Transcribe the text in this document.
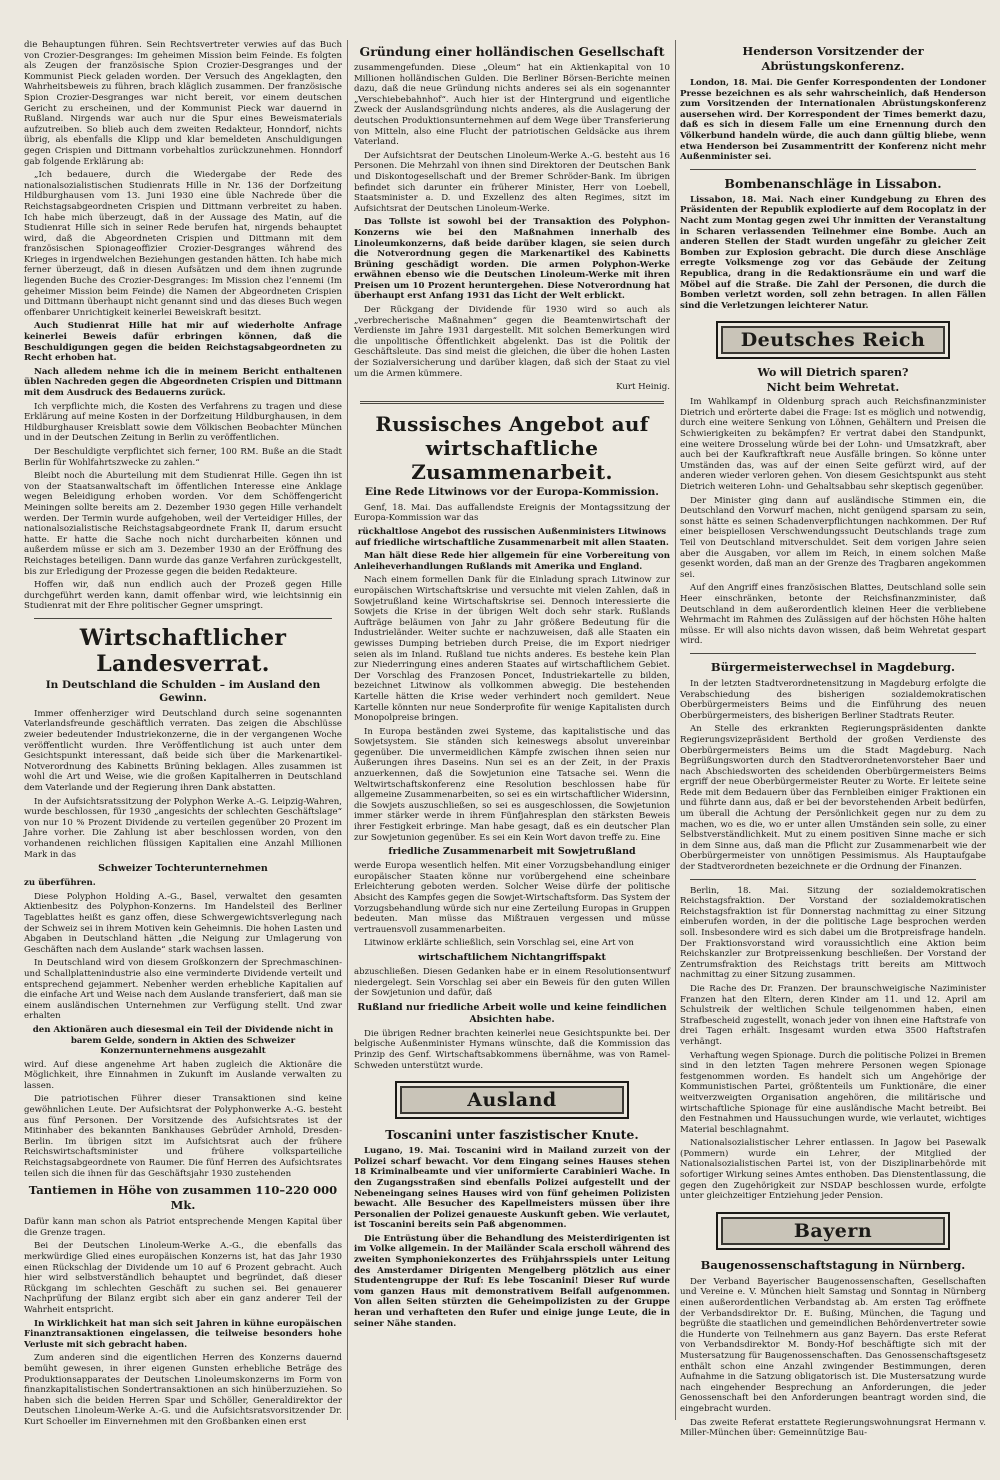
die Behauptungen führen. Sein Rechtsvertreter verwies auf das Buch von Crozier-Desgranges: Im geheimen Mission beim Feinde. Es folgten als Zeugen der französische Spion Crozier-Desgranges und der Kommunist Pieck geladen worden. Der Versuch des Angeklagten, den Wahrheitsbeweis zu führen, brach kläglich zusammen. Der französische Spion Crozier-Desgranges war nicht bereit, vor einem deutschen Gericht zu erscheinen, und der Kommunist Pieck war dauernd in Rußland. Nirgends war auch nur die Spur eines Beweismaterials aufzutreiben. So blieb auch dem zweiten Redakteur, Honndorf, nichts übrig, als ebenfalls die Klipp und klar bemeldeten Anschuldigungen gegen Crispien und Dittmann vorbehaltlos zurückzunehmen. Honndorf gab folgende Erklärung ab:

„Ich bedauere, durch die Wiedergabe der Rede des nationalsozialistischen Studienrats Hille in Nr. 136 der Dorfzeitung Hildburghausen vom 13. Juni 1930 eine üble Nachrede über die Reichstagsabgeordneten Crispien und Dittmann verbreitet zu haben. Ich habe mich überzeugt, daß in der Aussage des Matin, auf die Studienrat Hille sich in seiner Rede berufen hat, nirgends behauptet wird, daß die Abgeordneten Crispien und Dittmann mit dem französischen Spionageoffizier Crozier-Desgranges während des Krieges in irgendwelchen Beziehungen gestanden hätten. Ich habe mich ferner überzeugt, daß in diesen Aufsätzen und dem ihnen zugrunde liegenden Buche des Crozier-Desgranges: Im Mission chez l’ennemi (Im geheimer Mission beim Feinde) die Namen der Abgeordneten Crispien und Dittmann überhaupt nicht genannt sind und das dieses Buch wegen offenbarer Unrichtigkeit keinerlei Beweiskraft besitzt.

Auch Studienrat Hille hat mir auf wiederholte Anfrage keinerlei Beweis dafür erbringen können, daß die Beschuldigungen gegen die beiden Reichstagsabgeordneten zu Recht erhoben hat.

Nach alledem nehme ich die in meinem Bericht enthaltenen üblen Nachreden gegen die Abgeordneten Crispien und Dittmann mit dem Ausdruck des Bedauerns zurück.

Ich verpflichte mich, die Kosten des Verfahrens zu tragen und diese Erklärung auf meine Kosten in der Dorfzeitung Hildburghausen, in dem Hildburghauser Kreisblatt sowie dem Völkischen Beobachter München und in der Deutschen Zeitung in Berlin zu veröffentlichen.

Der Beschuldigte verpflichtet sich ferner, 100 RM. Buße an die Stadt Berlin für Wohlfahrtszwecke zu zahlen.“

Bleibt noch die Aburteilung mit dem Studienrat Hille. Gegen ihn ist von der Staatsanwaltschaft im öffentlichen Interesse eine Anklage wegen Beleidigung erhoben worden. Vor dem Schöffengericht Meiningen sollte bereits am 2. Dezember 1930 gegen Hille verhandelt werden. Der Termin wurde aufgehoben, weil der Verteidiger Hilles, der nationalsozialistische Reichstagsabgeordnete Frank II, darum ersucht hatte. Er hatte die Sache noch nicht durcharbeiten können und außerdem müsse er sich am 3. Dezember 1930 an der Eröffnung des Reichstages beteiligen. Dann wurde das ganze Verfahren zurückgestellt, bis zur Erledigung der Prozesse gegen die beiden Redakteure.

Hoffen wir, daß nun endlich auch der Prozeß gegen Hille durchgeführt werden kann, damit offenbar wird, wie leichtsinnig ein Studienrat mit der Ehre politischer Gegner umspringt.

Wirtschaftlicher Landesverrat.
In Deutschland die Schulden – im Ausland den Gewinn.

Immer offenherziger wird Deutschland durch seine sogenannten Vaterlandsfreunde geschäftlich verraten. Das zeigen die Abschlüsse zweier bedeutender Industriekonzerne, die in der vergangenen Woche veröffentlicht wurden. Ihre Veröffentlichung ist auch unter dem Gesichtspunkt interessant, daß beide sich über die Markenartikel-Notverordnung des Kabinetts Brüning beklagen. Alles zusammen ist wohl die Art und Weise, wie die großen Kapitalherren in Deutschland dem Vaterlande und der Regierung ihren Dank abstatten.

In der Aufsichtsratssitzung der Polyphon Werke A.-G. Leipzig-Wahren, wurde beschlossen, für 1930 „angesichts der schlechten Geschäftslage“ von nur 10 % Prozent Dividende zu verteilen gegenüber 20 Prozent im Jahre vorher. Die Zahlung ist aber beschlossen worden, von den vorhandenen reichlichen flüssigen Kapitalien eine Anzahl Millionen Mark in das

Schweizer Tochterunternehmen

zu überführen.

Diese Polyphon Holding A.-G., Basel, verwaltet den gesamten Aktienbesitz des Polyphon-Konzerns. Im Handelsteil des Berliner Tageblattes heißt es ganz offen, diese Schwergewichtsverlegung nach der Schweiz sei in ihrem Motiven kein Geheimnis. Die hohen Lasten und Abgaben in Deutschland hätten „die Neigung zur Umlagerung von Geschäften nach dem Auslande“ stark wachsen lassen.

In Deutschland wird von diesem Großkonzern der Sprechmaschinen- und Schallplattenindustrie also eine verminderte Dividende verteilt und entsprechend gejammert. Nebenher werden erhebliche Kapitalien auf die einfache Art und Weise nach dem Auslande transferiert, daß man sie einem ausländischen Unternehmen zur Verfügung stellt. Und zwar erhalten

den Aktionären auch diesesmal ein Teil der Dividende nicht in barem Gelde, sondern in Aktien des Schweizer Konzernunternehmens ausgezahlt

wird. Auf diese angenehme Art haben zugleich die Aktionäre die Möglichkeit, ihre Einnahmen in Zukunft im Auslande verwalten zu lassen.

Die patriotischen Führer dieser Transaktionen sind keine gewöhnlichen Leute. Der Aufsichtsrat der Polyphonwerke A.-G. besteht aus fünf Personen. Der Vorsitzende des Aufsichtsrates ist der Mitinhaber des bekannten Bankhauses Gebrüder Arnhold, Dresden-Berlin. Im übrigen sitzt im Aufsichtsrat auch der frühere Reichswirtschaftsminister und frühere volksparteiliche Reichstagsabgeordnete von Raumer. Die fünf Herren des Aufsichtsrates teilen sich die ihnen für das Geschäftsjahr 1930 zustehenden

Tantiemen in Höhe von zusammen 110–220 000 Mk.

Dafür kann man schon als Patriot entsprechende Mengen Kapital über die Grenze tragen.

Bei der Deutschen Linoleum-Werke A.-G., die ebenfalls das merkwürdige Glied eines europäischen Konzerns ist, hat das Jahr 1930 einen Rückschlag der Dividende um 10 auf 6 Prozent gebracht. Auch hier wird selbstverständlich behauptet und begründet, daß dieser Rückgang im schlechten Geschäft zu suchen sei. Bei genauerer Nachprüfung der Bilanz ergibt sich aber ein ganz anderer Teil der Wahrheit entspricht.

In Wirklichkeit hat man sich seit Jahren in kühne europäischen Finanztransaktionen eingelassen, die teilweise besonders hohe Verluste mit sich gebracht haben.

Zum anderen sind die eigentlichen Herren des Konzerns dauernd bemüht gewesen, in ihrer eigenen Gunsten erhebliche Beträge des Produktionsapparates der Deutschen Linoleumskonzerns im Form von finanzkapitalistischen Sondertransaktionen an sich hinüberzuziehen. So haben sich die beiden Herren Spar und Schöller, Generaldirektor der Deutschen Linoleum-Werke A.-G. und die Aufsichtsratsvorsitzender Dr. Kurt Schoeller im Einvernehmen mit den Großbanken einen erst

Gründung einer holländischen Gesellschaft

zusammengefunden. Diese „Oleum“ hat ein Aktienkapital von 10 Millionen holländischen Gulden. Die Berliner Börsen-Berichte meinen dazu, daß die neue Gründung nichts anderes sei als ein sogenannter „Verschiebebahnhof“. Auch hier ist der Hintergrund und eigentliche Zweck der Auslandsgründung nichts anderes, als die Auslagerung der deutschen Produktionsunternehmen auf dem Wege über Transferierung von Mitteln, also eine Flucht der patriotischen Geldsäcke aus ihrem Vaterland.

Der Aufsichtsrat der Deutschen Linoleum-Werke A.-G. besteht aus 16 Personen. Die Mehrzahl von ihnen sind Direktoren der Deutschen Bank und Diskontogesellschaft und der Bremer Schröder-Bank. Im übrigen befindet sich darunter ein früherer Minister, Herr von Loebell, Staatsminister a. D. und Exzellenz des alten Regimes, sitzt im Aufsichtsrat der Deutschen Linoleum-Werke.

Das Tollste ist sowohl bei der Transaktion des Polyphon-Konzerns wie bei den Maßnahmen innerhalb des Linoleumkonzerns, daß beide darüber klagen, sie seien durch die Notverordnung gegen die Markenartikel des Kabinetts Brüning geschädigt worden. Die armen Polyphon-Werke erwähnen ebenso wie die Deutschen Linoleum-Werke mit ihren Preisen um 10 Prozent heruntergehen. Diese Notverordnung hat überhaupt erst Anfang 1931 das Licht der Welt erblickt.

Der Rückgang der Dividende für 1930 wird so auch als „verbrecherische Maßnahmen“ gegen die Beamtenwirtschaft der Verdienste im Jahre 1931 dargestellt. Mit solchen Bemerkungen wird die unpolitische Öffentlichkeit abgelenkt. Das ist die Politik der Geschäftsleute. Das sind meist die gleichen, die über die hohen Lasten der Sozialversicherung und darüber klagen, daß sich der Staat zu viel um die Armen kümmere.

Kurt Heinig.

Russisches Angebot auf wirtschaftliche Zusammenarbeit.
Eine Rede Litwinows vor der Europa-Kommission.

Genf, 18. Mai. Das auffallendste Ereignis der Montagssitzung der Europa-Kommission war das

rückhaltlose Angebot des russischen Außenministers Litwinows auf friedliche wirtschaftliche Zusammenarbeit mit allen Staaten.

Man hält diese Rede hier allgemein für eine Vorbereitung von Anleiheverhandlungen Rußlands mit Amerika und England.

Nach einem formellen Dank für die Einladung sprach Litwinow zur europäischen Wirtschaftskrise und versuchte mit vielen Zahlen, daß in Sowjetrußland keine Wirtschaftskrise sei. Dennoch interessierte die Sowjets die Krise in der übrigen Welt doch sehr stark. Rußlands Aufträge beläumen von Jahr zu Jahr größere Bedeutung für die Industrieländer. Weiter suchte er nachzuweisen, daß alle Staaten ein gewisses Dumping betrieben durch Preise, die im Export niedriger seien als im Inland. Rußland tue nichts anderes. Es bestehe kein Plan zur Niederringung eines anderen Staates auf wirtschaftlichem Gebiet. Der Vorschlag des Franzosen Poncet, Industriekartelle zu bilden, bezeichnet Litwinow als vollkommen abwegig. Die bestehenden Kartelle hätten die Krise weder verhindert noch gemildert. Neue Kartelle könnten nur neue Sonderprofite für wenige Kapitalisten durch Monopolpreise bringen.

In Europa beständen zwei Systeme, das kapitalistische und das Sowjetsystem. Sie ständen sich keineswegs absolut unvereinbar gegenüber. Die unvermeidlichen Kämpfe zwischen ihnen seien nur Äußerungen ihres Daseins. Nun sei es an der Zeit, in der Praxis anzuerkennen, daß die Sowjetunion eine Tatsache sei. Wenn die Weltwirtschaftskonferenz eine Resolution beschlossen habe für allgemeine Zusammenarbeiten, so sei es ein wirtschaftlicher Widersinn, die Sowjets auszuschließen, so sei es ausgeschlossen, die Sowjetunion immer stärker werde in ihrem Fünfjahresplan den stärksten Beweis ihrer Festigkeit erbringe. Man habe gesagt, daß es ein deutscher Plan zur Sowjetunion gegenüber. Es sei ein Kein Wort davon treffe zu. Eine

friedliche Zusammenarbeit mit Sowjetrußland

werde Europa wesentlich helfen. Mit einer Vorzugsbehandlung einiger europäischer Staaten könne nur vorübergehend eine scheinbare Erleichterung geboten werden. Solcher Weise dürfe der politische Absicht des Kampfes gegen die Sowjet-Wirtschaftsform. Das System der Vorzugsbehandlung würde sich nur eine Zerteilung Europas in Gruppen bedeuten. Man müsse das Mißtrauen vergessen und müsse vertrauensvoll zusammenarbeiten.

Litwinow erklärte schließlich, sein Vorschlag sei, eine Art von

wirtschaftlichem Nichtangriffspakt

abzuschließen. Diesen Gedanken habe er in einem Resolutionsentwurf niedergelegt. Sein Vorschlag sei aber ein Beweis für den guten Willen der Sowjetunion und dafür, daß

Rußland nur friedliche Arbeit wolle und keine feindlichen Absichten habe.

Die übrigen Redner brachten keinerlei neue Gesichtspunkte bei. Der belgische Außenminister Hymans wünschte, daß die Kommission das Prinzip des Genf. Wirtschaftsabkommens übernähme, was von Ramel-Schweden unterstützt wurde.

Ausland
Toscanini unter faszistischer Knute.

Lugano, 19. Mai. Toscanini wird in Mailand zurzeit von der Polizei scharf bewacht. Vor dem Eingang seines Hauses stehen 18 Kriminalbeamte und vier uniformierte Carabinieri Wache. In den Zugangsstraßen sind ebenfalls Polizei aufgestellt und der Nebeneingang seines Hauses wird von fünf geheimen Polizisten bewacht. Alle Besucher des Kapellmeisters müssen über ihre Personalien der Polizei genaueste Auskunft geben. Wie verlautet, ist Toscanini bereits sein Paß abgenommen.

Die Entrüstung über die Behandlung des Meisterdirigenten ist im Volke allgemein. In der Mailänder Scala erscholl während des zweiten Symphoniekonzertes des Frühjahrsspiels unter Leitung des Amsterdamer Dirigenten Mengelberg plötzlich aus einer Studentengruppe der Ruf: Es lebe Toscanini! Dieser Ruf wurde vom ganzen Haus mit demonstrativem Beifall aufgenommen. Von allen Seiten stürzten die Geheimpolizisten zu der Gruppe heran und verhafteten den Rufer und einige junge Leute, die in seiner Nähe standen.

Henderson Vorsitzender der Abrüstungskonferenz.

London, 18. Mai. Die Genfer Korrespondenten der Londoner Presse bezeichnen es als sehr wahrscheinlich, daß Henderson zum Vorsitzenden der Internationalen Abrüstungskonferenz ausersehen wird. Der Korrespondent der Times bemerkt dazu, daß es sich in diesem Falle um eine Ernennung durch den Völkerbund handeln würde, die auch dann gültig bliebe, wenn etwa Henderson bei Zusammentritt der Konferenz nicht mehr Außenminister sei.

Bombenanschläge in Lissabon.

Lissabon, 18. Mai. Nach einer Kundgebung zu Ehren des Präsidenten der Republik explodierte auf dem Rocoplatz in der Nacht zum Montag gegen zwei Uhr inmitten der Veranstaltung in Scharen verlassenden Teilnehmer eine Bombe. Auch an anderen Stellen der Stadt wurden ungefähr zu gleicher Zeit Bomben zur Explosion gebracht. Die durch diese Anschläge erregte Volksmenge zog vor das Gebäude der Zeitung Republica, drang in die Redaktionsräume ein und warf die Möbel auf die Straße. Die Zahl der Personen, die durch die Bomben verletzt worden, soll zehn betragen. In allen Fällen sind die Verletzungen leichterer Natur.

Deutsches Reich
Wo will Dietrich sparen?
Nicht beim Wehretat.

Im Wahlkampf in Oldenburg sprach auch Reichsfinanzminister Dietrich und erörterte dabei die Frage: Ist es möglich und notwendig, durch eine weitere Senkung von Löhnen, Gehältern und Preisen die Schwierigkeiten zu bekämpfen? Er vertrat dabei den Standpunkt, eine weitere Drosselung würde bei der Lohn- und Umsatzkraft, aber auch bei der Kaufkraftkraft neue Ausfälle bringen. So könne unter Umständen das, was auf der einen Seite gefürzt wird, auf der anderen wieder verloren gehen. Von diesem Gesichtspunkt aus steht Dietrich weiteren Lohn- und Gehaltsabbau sehr skeptisch gegenüber.

Der Minister ging dann auf ausländische Stimmen ein, die Deutschland den Vorwurf machen, nicht genügend sparsam zu sein, sonst hätte es seinen Schadenverpflichtungen nachkommen. Der Ruf einer beispiellosen Verschwendungssucht Deutschlands trage zum Teil von Deutschland mitverschuldet. Seit dem vorigen Jahre seien aber die Ausgaben, vor allem im Reich, in einem solchen Maße gesenkt worden, daß man an der Grenze des Tragbaren angekommen sei.

Auf den Angriff eines französischen Blattes, Deutschland solle sein Heer einschränken, betonte der Reichsfinanzminister, daß Deutschland in dem außerordentlich kleinen Heer die verbliebene Wehrmacht im Rahmen des Zulässigen auf der höchsten Höhe halten müsse. Er will also nichts davon wissen, daß beim Wehretat gespart wird.

Bürgermeisterwechsel in Magdeburg.

In der letzten Stadtverordnetensitzung in Magdeburg erfolgte die Verabschiedung des bisherigen sozialdemokratischen Oberbürgermeisters Beims und die Einführung des neuen Oberbürgermeisters, des bisherigen Berliner Stadtrats Reuter.

An Stelle des erkrankten Regierungspräsidenten dankte Regierungsvizepräsident Berthold der großen Verdienste des Oberbürgermeisters Beims um die Stadt Magdeburg. Nach Begrüßungsworten durch den Stadtverordnetenvorsteher Baer und nach Abschiedsworten des scheidenden Oberbürgermeisters Beims ergriff der neue Oberbürgermeister Reuter zu Worte. Er leitete seine Rede mit dem Bedauern über das Fernbleiben einiger Fraktionen ein und führte dann aus, daß er bei der bevorstehenden Arbeit bedürfen, um überall die Achtung der Persönlichkeit gegen nur zu dem zu machen, wo es die, wo er unter allen Umständen sein solle, zu einer Selbstverständlichkeit. Mut zu einem positiven Sinne mache er sich in dem Sinne aus, daß man die Pflicht zur Zusammenarbeit wie der Oberbürgermeister von unnötigen Pessimismus. Als Hauptaufgabe der Stadtverordneten bezeichnete er die Ordnung der Finanzen.

Berlin, 18. Mai. Sitzung der sozialdemokratischen Reichstagsfraktion. Der Vorstand der sozialdemokratischen Reichstagsfraktion ist für Donnerstag nachmittag zu einer Sitzung einberufen worden, in der die politische Lage besprochen werden soll. Insbesondere wird es sich dabei um die Brotpreisfrage handeln. Der Fraktionsvorstand wird voraussichtlich eine Aktion beim Reichskanzler zur Brotpreissenkung beschließen. Der Vorstand der Zentrumsfraktion des Reichstags tritt bereits am Mittwoch nachmittag zu einer Sitzung zusammen.

Die Rache des Dr. Franzen. Der braunschweigische Naziminister Franzen hat den Eltern, deren Kinder am 11. und 12. April am Schulstreik der weltlichen Schule teilgenommen haben, einen Strafbescheid zugestellt, wonach jeder von ihnen eine Haftstrafe von drei Tagen erhält. Insgesamt wurden etwa 3500 Haftstrafen verhängt.

Verhaftung wegen Spionage. Durch die politische Polizei in Bremen sind in den letzten Tagen mehrere Personen wegen Spionage festgenommen worden. Es handelt sich um Angehörige der Kommunistischen Partei, größtenteils um Funktionäre, die einer weitverzweigten Organisation angehören, die militärische und wirtschaftliche Spionage für eine ausländische Macht betreibt. Bei den Festnahmen und Haussuchungen wurde, wie verlautet, wichtiges Material beschlagnahmt.

Nationalsozialistischer Lehrer entlassen. In Jagow bei Pasewalk (Pommern) wurde ein Lehrer, der Mitglied der Nationalsozialistischen Partei ist, von der Disziplinarbehörde mit sofortiger Wirkung seines Amtes enthoben. Das Dienstentlassung, die gegen den Zugehörigkeit zur NSDAP beschlossen wurde, erfolgte unter gleichzeitiger Entziehung jeder Pension.

Bayern
Baugenossenschaftstagung in Nürnberg.

Der Verband Bayerischer Baugenossenschaften, Gesellschaften und Vereine e. V. München hielt Samstag und Sonntag in Nürnberg einen außerordentlichen Verbandstag ab. Am ersten Tag eröffnete der Verbandsdirektor Dr. E. Bußing, München, die Tagung und begrüßte die staatlichen und gemeindlichen Behördenvertreter sowie die Hunderte von Teilnehmern aus ganz Bayern. Das erste Referat von Verbandsdirektor M. Bondy-Hof beschäftigte sich mit der Mustersatzung für Baugenossenschaften. Das Genossenschaftsgesetz enthält schon eine Anzahl zwingender Bestimmungen, deren Aufnahme in die Satzung obligatorisch ist. Die Mustersatzung wurde nach eingehender Besprechung an Anforderungen, die jeder Genossenschaft bei den Anforderungen beantragt worden sind, die eingebracht wurden.

Das zweite Referat erstattete Regierungswohnungsrat Hermann v. Miller-München über: Gemeinnützige Bau-
